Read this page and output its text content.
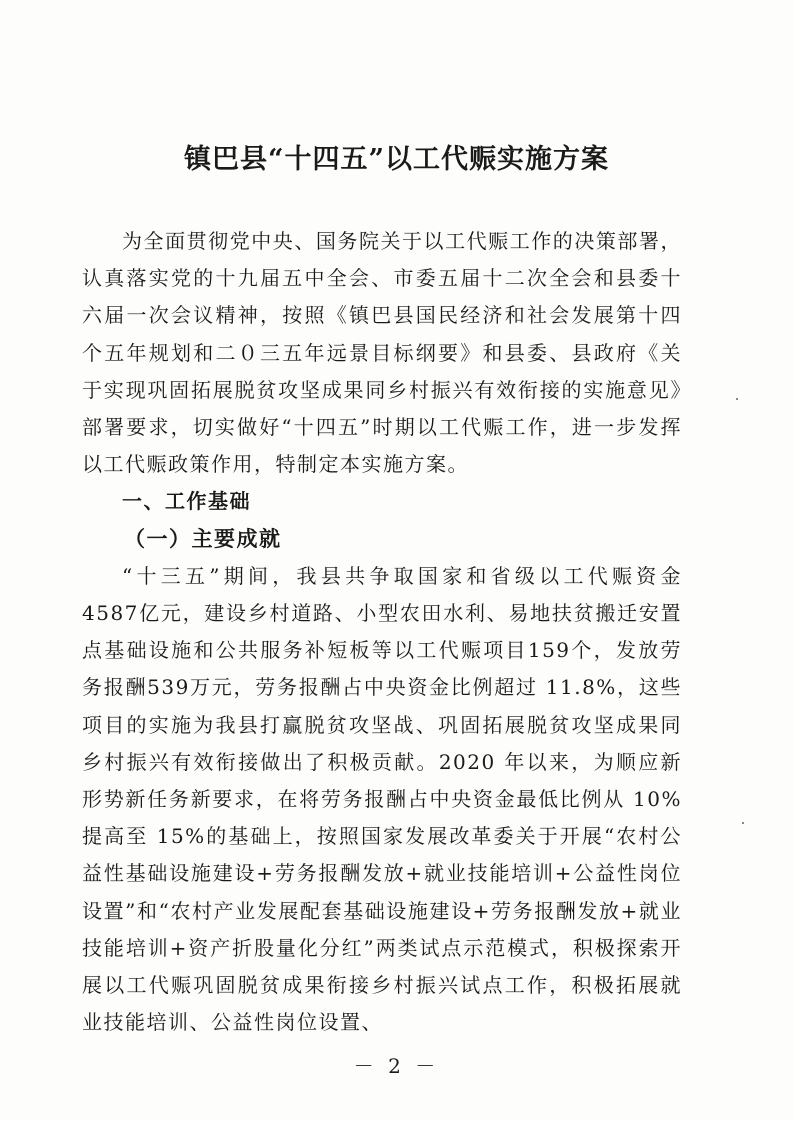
镇巴县“十四五”以工代赈实施方案

为全面贯彻党中央、国务院关于以工代赈工作的决策部署，认真落实党的十九届五中全会、市委五届十二次全会和县委十六届一次会议精神，按照《镇巴县国民经济和社会发展第十四个五年规划和二０三五年远景目标纲要》和县委、县政府《关于实现巩固拓展脱贫攻坚成果同乡村振兴有效衔接的实施意见》部署要求，切实做好“十四五”时期以工代赈工作，进一步发挥以工代赈政策作用，特制定本实施方案。

一、工作基础
（一）主要成就

“十三五”期间，我县共争取国家和省级以工代赈资金 4587亿元，建设乡村道路、小型农田水利、易地扶贫搬迁安置点基础设施和公共服务补短板等以工代赈项目159个，发放劳务报酬539万元，劳务报酬占中央资金比例超过 11.8%，这些项目的实施为我县打赢脱贫攻坚战、巩固拓展脱贫攻坚成果同乡村振兴有效衔接做出了积极贡献。2020 年以来，为顺应新形势新任务新要求，在将劳务报酬占中央资金最低比例从 10%提高至 15%的基础上，按照国家发展改革委关于开展“农村公益性基础设施建设+劳务报酬发放+就业技能培训+公益性岗位设置”和“农村产业发展配套基础设施建设+劳务报酬发放+就业技能培训+资产折股量化分红”两类试点示范模式，积极探索开展以工代赈巩固脱贫成果衔接乡村振兴试点工作，积极拓展就业技能培训、公益性岗位设置、

－ 2 －
